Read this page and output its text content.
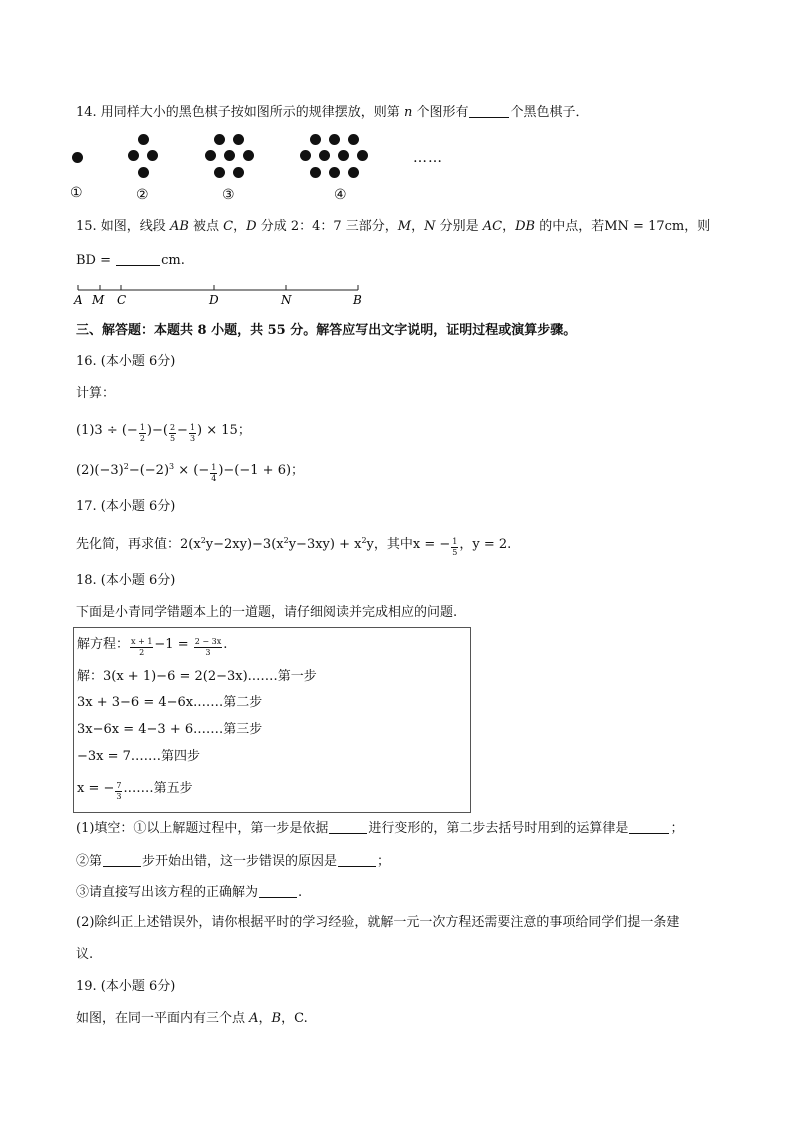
14. 用同样大小的黑色棋子按如图所示的规律摆放，则第 n 个图形有	个黑色棋子．
①	②	③	④
……
15. 如图，线段 AB 被点 C，D 分成 2：4：7 三部分，M，N 分别是 AC，DB 的中点，若MN = 17cm，则
BD =	cm.
A M C	D	N	B
三、解答题：本题共 8 小题，共 55 分。解答应写出文字说明，证明过程或演算步骤。
16. (本小题 6分)
计算：
(1)3 ÷ (− $\frac{1}{2}$ )−( $\frac{2}{5} - \frac{1}{3}$ ) × 15；
$(2)(-3)^2-(-2)^3$ × (− $\frac{1}{4} )-(-1 + 6)$；
17. (本小题 6分)
先化简，再求值：$2(x^2y-2xy)-3(x^2y-3xy) + x^2y$，其中x = − $\frac{1}{5}$ ，y = 2.
18. (本小题 6分)
下面是小青同学错题本上的一道题，请仔细阅读并完成相应的问题.
解方程： $\frac{x + 1}{2} -1 = \frac{2 - 3x}{3}$ .
解：3(x + 1)−6 = 2(2−3x).……第一步
3x + 3−6 = 4−6x.……第二步
3x−6x = 4−3 + 6.……第三步
−3x = 7.……第四步
x = − $\frac{7}{3}$ .……第五步
(1)填空：①以上解题过程中，第一步是依据	进行变形的，第二步去括号时用到的运算律是	；
②第	步开始出错，这一步错误的原因是	；
③请直接写出该方程的正确解为	.
(2)除纠正上述错误外，请你根据平时的学习经验，就解一元一次方程还需要注意的事项给同学们提一条建
议.
19. (本小题 6分)
如图，在同一平面内有三个点 A，B，C.
